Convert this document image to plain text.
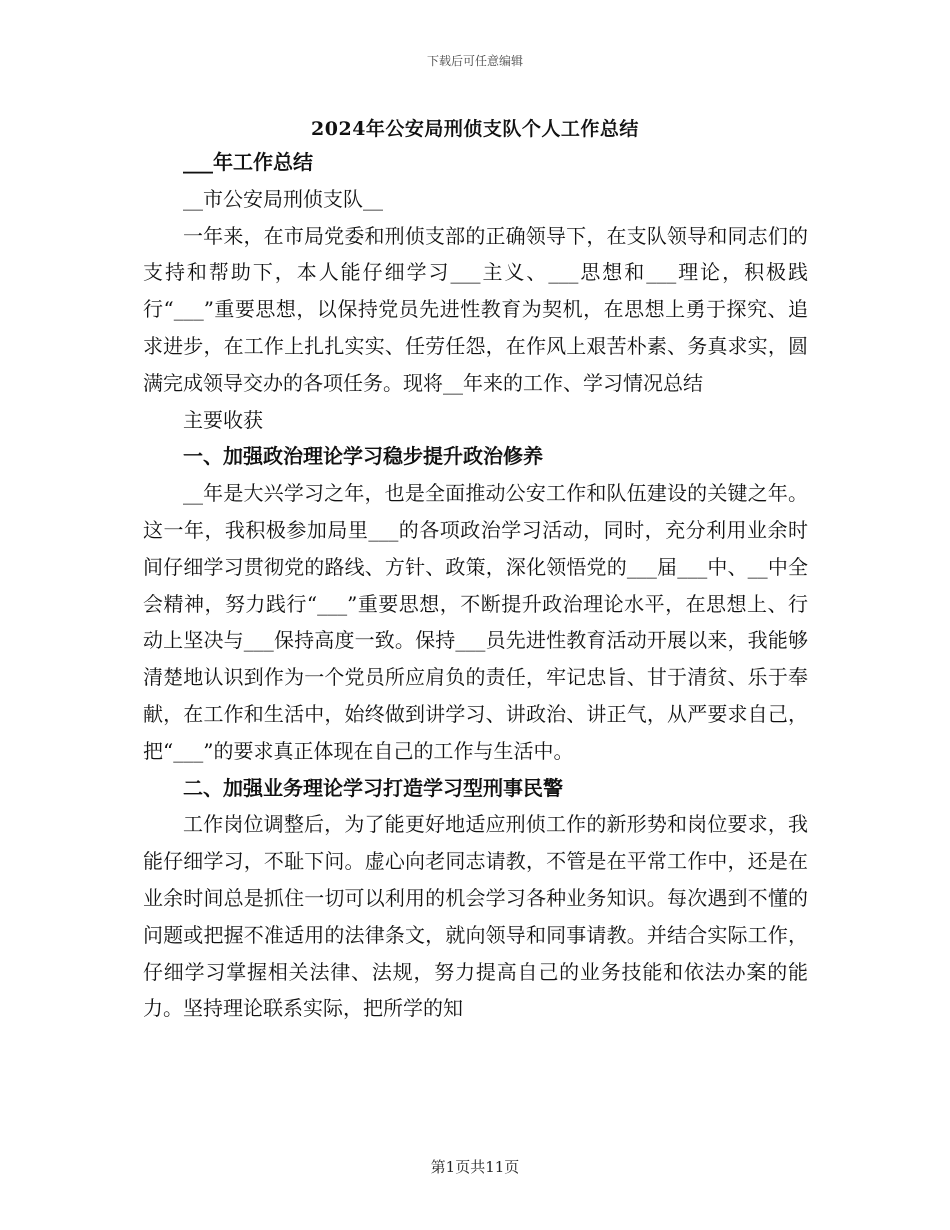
下载后可任意编辑
2024年公安局刑侦支队个人工作总结

___年工作总结

__市公安局刑侦支队__

一年来，在市局党委和刑侦支部的正确领导下，在支队领导和同志们的支持和帮助下，本人能仔细学习___主义、___思想和___理论，积极践行“___”重要思想，以保持党员先进性教育为契机，在思想上勇于探究、追求进步，在工作上扎扎实实、任劳任怨，在作风上艰苦朴素、务真求实，圆满完成领导交办的各项任务。现将__年来的工作、学习情况总结

主要收获

一、加强政治理论学习稳步提升政治修养

__年是大兴学习之年，也是全面推动公安工作和队伍建设的关键之年。这一年，我积极参加局里___的各项政治学习活动，同时，充分利用业余时间仔细学习贯彻党的路线、方针、政策，深化领悟党的___届___中、__中全会精神，努力践行“___”重要思想，不断提升政治理论水平，在思想上、行动上坚决与___保持高度一致。保持___员先进性教育活动开展以来，我能够清楚地认识到作为一个党员所应肩负的责任，牢记忠旨、甘于清贫、乐于奉献，在工作和生活中，始终做到讲学习、讲政治、讲正气，从严要求自己，把“___”的要求真正体现在自己的工作与生活中。

二、加强业务理论学习打造学习型刑事民警

工作岗位调整后，为了能更好地适应刑侦工作的新形势和岗位要求，我能仔细学习，不耻下问。虚心向老同志请教，不管是在平常工作中，还是在业余时间总是抓住一切可以利用的机会学习各种业务知识。每次遇到不懂的问题或把握不准适用的法律条文，就向领导和同事请教。并结合实际工作，仔细学习掌握相关法律、法规，努力提高自己的业务技能和依法办案的能力。坚持理论联系实际，把所学的知

第1页共11页
